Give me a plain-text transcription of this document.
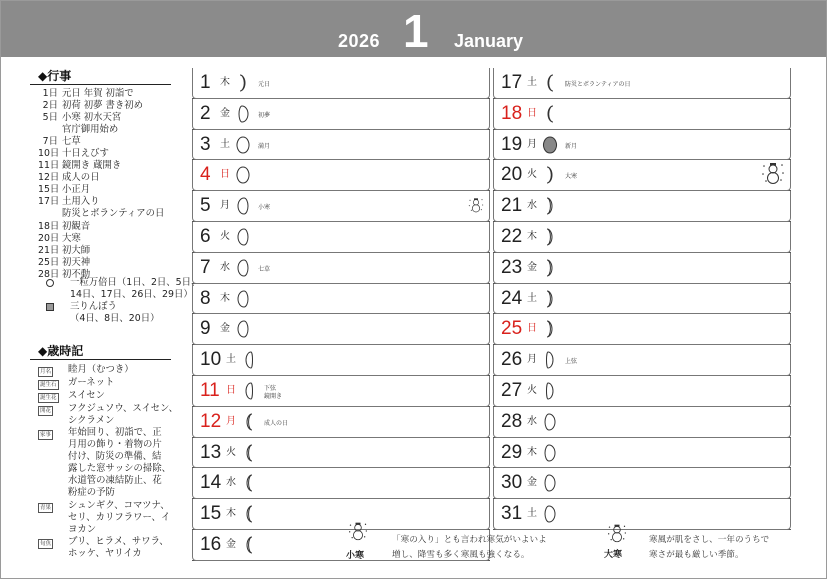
2026 1 January
◆行事
1日 元日 年賀 初詣で
2日 初荷 初夢 書き初め
5日 小寒 初水天宮
官庁御用始め
7日 七草
10日 十日えびす
11日 鏡開き 蔵開き
12日 成人の日
15日 小正月
17日 土用入り
防災とボランティアの日
18日 初観音
20日 大寒
21日 初大師
25日 初天神
28日 初不動
一粒万倍日（1日、2日、5日、
14日、17日、26日、29日）
三りんぼう
（4日、8日、20日）
◆歳時記
月名	睦月（むつき）
誕生石	ガーネット
誕生花	スイセン
開花	フクジュソウ、スイセン、
シクラメン
家事	年始回り、初詣で、正
月用の飾り・着物の片
付け、防災の準備、結
露した窓サッシの掃除、
水道管の凍結防止、花
粉症の予防
青果	シュンギク、コマツナ、
セリ、カリフラワー、イ
ヨカン
旬魚	ブリ、ヒラメ、サワラ、
ホッケ、ヤリイカ
1 木	元日
2 金	初夢
3 土	満月
4 日
5 月	小寒
6 火
7 水	七草
8 木
9 金
10 土
11 日	下弦
鏡開き
12 月	成人の日
13 火
14 水
15 木
16 金
17 土	防災とボランティアの日
18 日
19 月	新月
20 火	大寒
21 水
22 木
23 金
24 土
25 日
26 月	上弦
27 火
28 水
29 木
30 金
31 土
小寒
「寒の入り」とも言われ寒気がいよいよ
増し、降雪も多く寒風も強くなる。	大寒
寒風が肌をさし、一年のうちで
寒さが最も厳しい季節。
